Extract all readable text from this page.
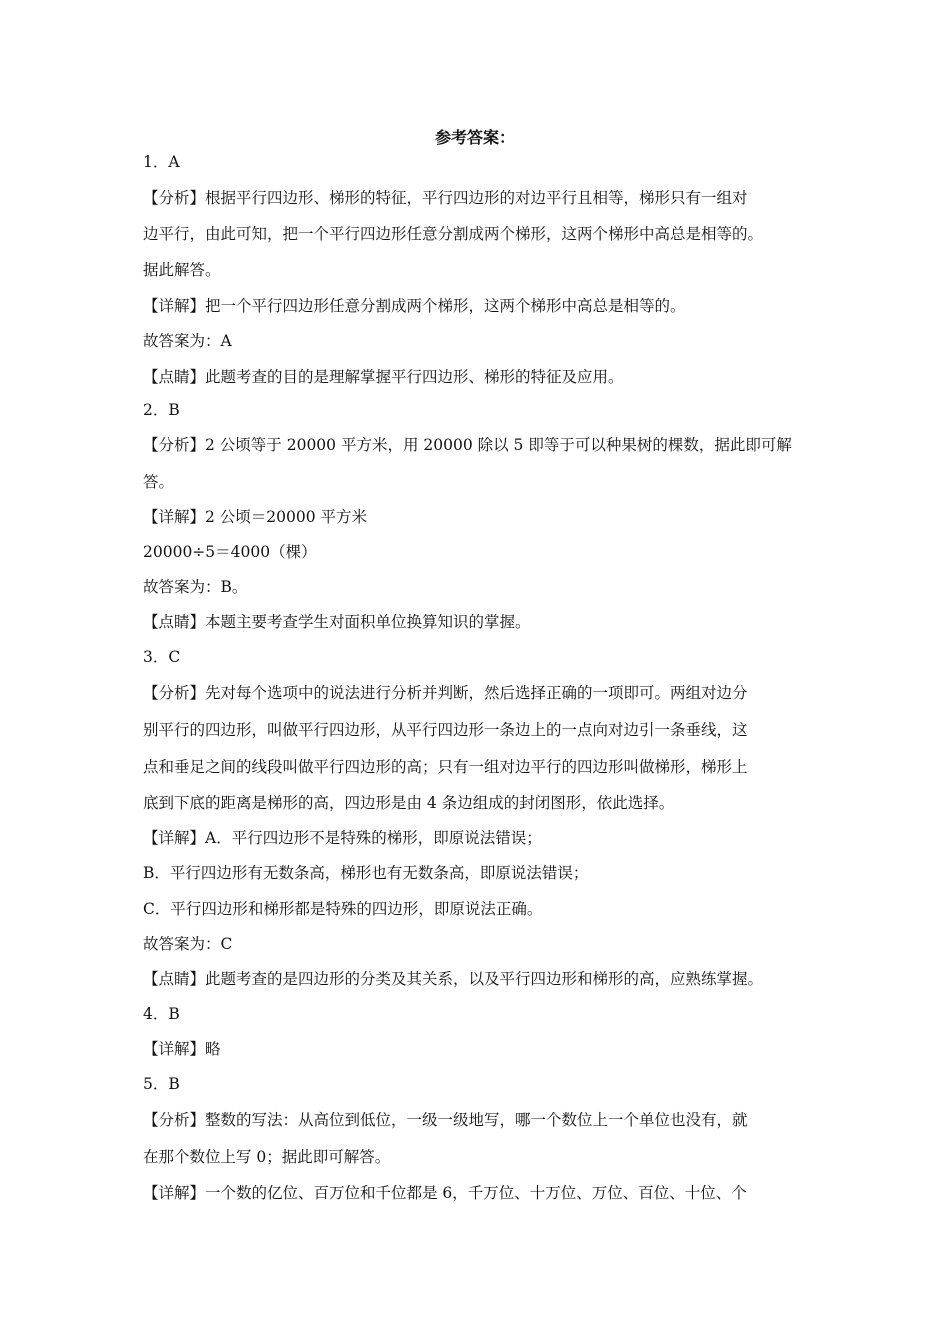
参考答案：
1．A
【分析】根据平行四边形、梯形的特征，平行四边形的对边平行且相等，梯形只有一组对
边平行，由此可知，把一个平行四边形任意分割成两个梯形，这两个梯形中高总是相等的。
据此解答。
【详解】把一个平行四边形任意分割成两个梯形，这两个梯形中高总是相等的。
故答案为：A
【点睛】此题考查的目的是理解掌握平行四边形、梯形的特征及应用。
2．B
【分析】2 公顷等于 20000 平方米，用 20000 除以 5 即等于可以种果树的棵数，据此即可解
答。
【详解】2 公顷＝20000 平方米
20000÷5＝4000（棵）
故答案为：B。
【点睛】本题主要考查学生对面积单位换算知识的掌握。
3．C
【分析】先对每个选项中的说法进行分析并判断，然后选择正确的一项即可。两组对边分
别平行的四边形，叫做平行四边形，从平行四边形一条边上的一点向对边引一条垂线，这
点和垂足之间的线段叫做平行四边形的高；只有一组对边平行的四边形叫做梯形，梯形上
底到下底的距离是梯形的高，四边形是由 4 条边组成的封闭图形，依此选择。
【详解】A．平行四边形不是特殊的梯形，即原说法错误；
B．平行四边形有无数条高，梯形也有无数条高，即原说法错误；
C．平行四边形和梯形都是特殊的四边形，即原说法正确。
故答案为：C
【点睛】此题考查的是四边形的分类及其关系，以及平行四边形和梯形的高，应熟练掌握。
4．B
【详解】略
5．B
【分析】整数的写法：从高位到低位，一级一级地写，哪一个数位上一个单位也没有，就
在那个数位上写 0；据此即可解答。
【详解】一个数的亿位、百万位和千位都是 6，千万位、十万位、万位、百位、十位、个
